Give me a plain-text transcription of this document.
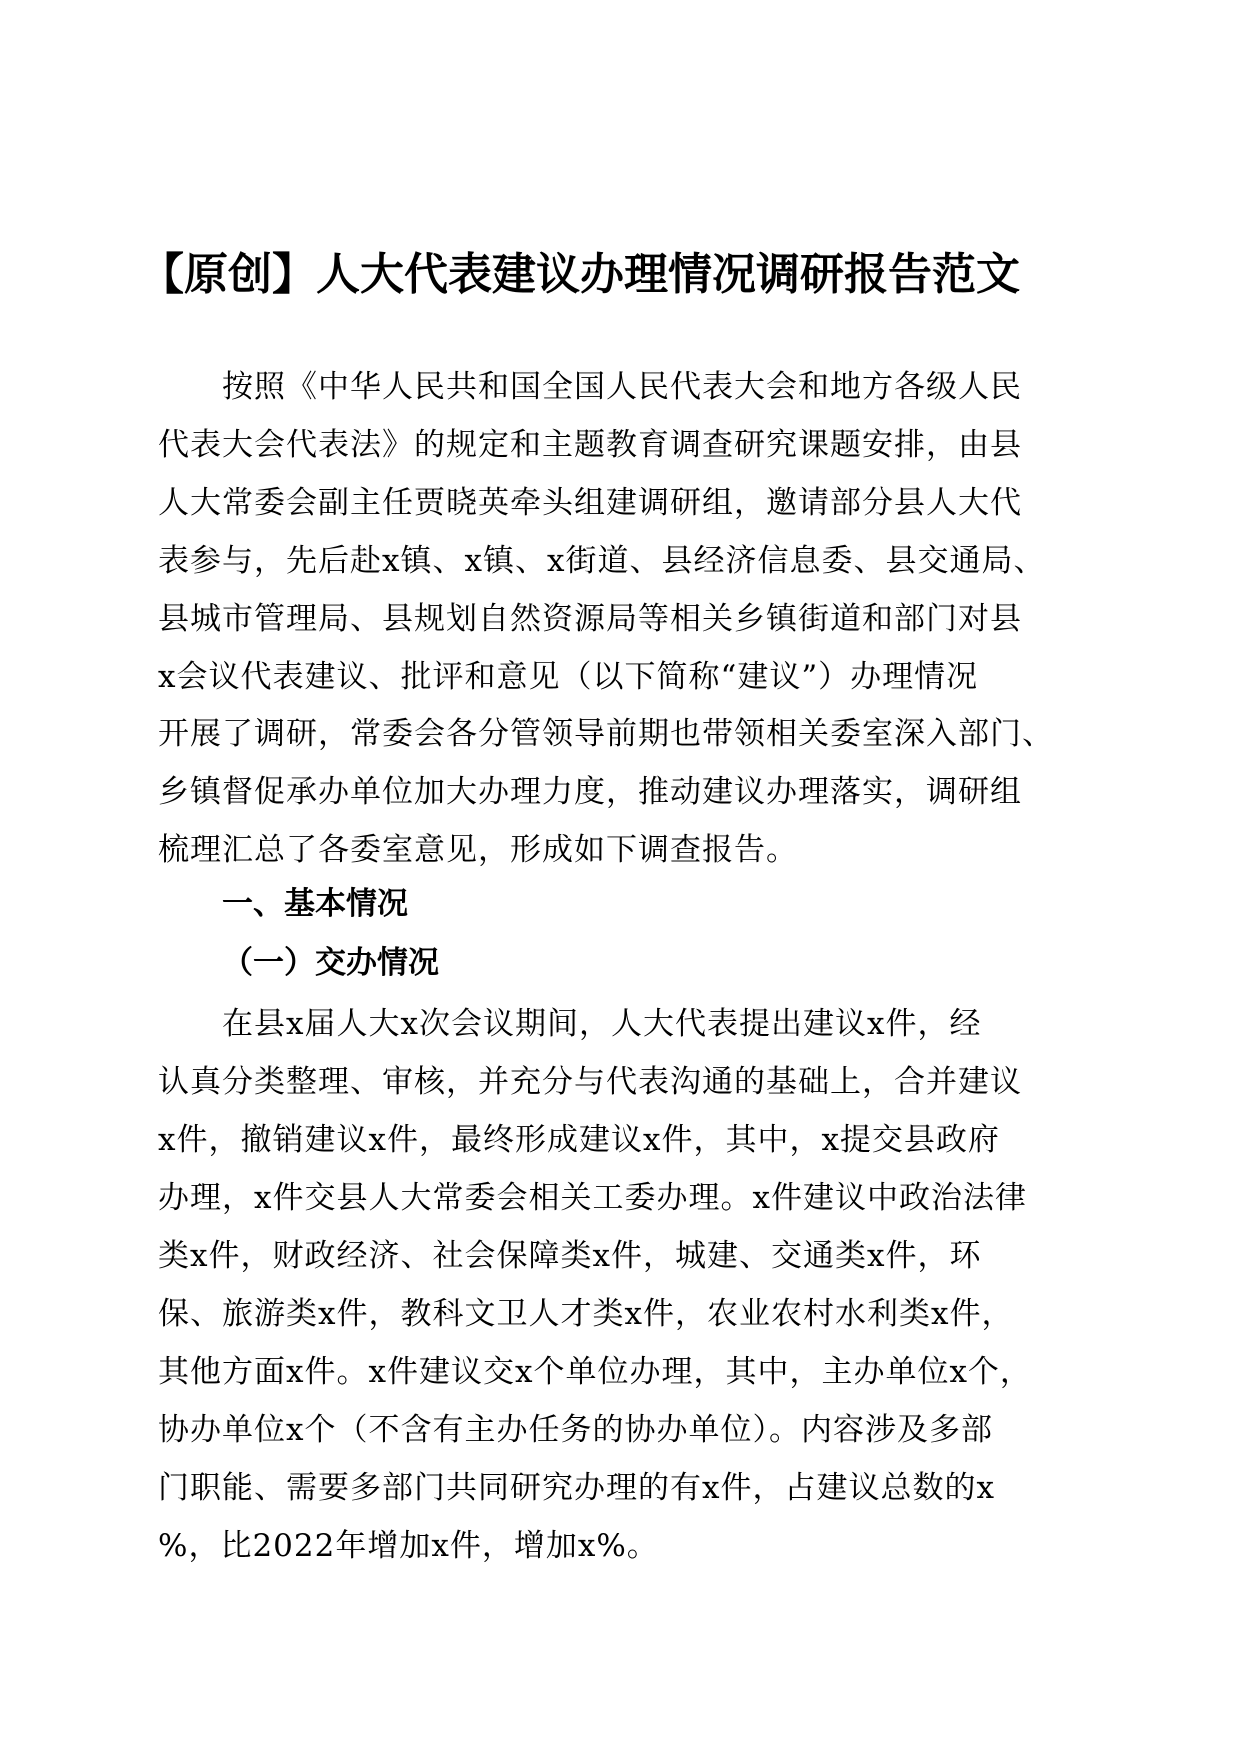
【原创】人大代表建议办理情况调研报告范文
按照《中华人民共和国全国人民代表大会和地方各级人民
代表大会代表法》的规定和主题教育调查研究课题安排，由县
人大常委会副主任贾晓英牵头组建调研组，邀请部分县人大代
表参与，先后赴x镇、x镇、x街道、县经济信息委、县交通局、
县城市管理局、县规划自然资源局等相关乡镇街道和部门对县
x会议代表建议、批评和意见（以下简称“建议”）办理情况
开展了调研，常委会各分管领导前期也带领相关委室深入部门、
乡镇督促承办单位加大办理力度，推动建议办理落实，调研组
梳理汇总了各委室意见，形成如下调查报告。
一、基本情况
（一）交办情况
在县x届人大x次会议期间，人大代表提出建议x件，经
认真分类整理、审核，并充分与代表沟通的基础上，合并建议
x件，撤销建议x件，最终形成建议x件，其中，x提交县政府
办理，x件交县人大常委会相关工委办理。x件建议中政治法律
类x件，财政经济、社会保障类x件，城建、交通类x件，环
保、旅游类x件，教科文卫人才类x件，农业农村水利类x件，
其他方面x件。x件建议交x个单位办理，其中，主办单位x个，
协办单位x个（不含有主办任务的协办单位）。内容涉及多部
门职能、需要多部门共同研究办理的有x件，占建议总数的x
%，比2022年增加x件，增加x%。
